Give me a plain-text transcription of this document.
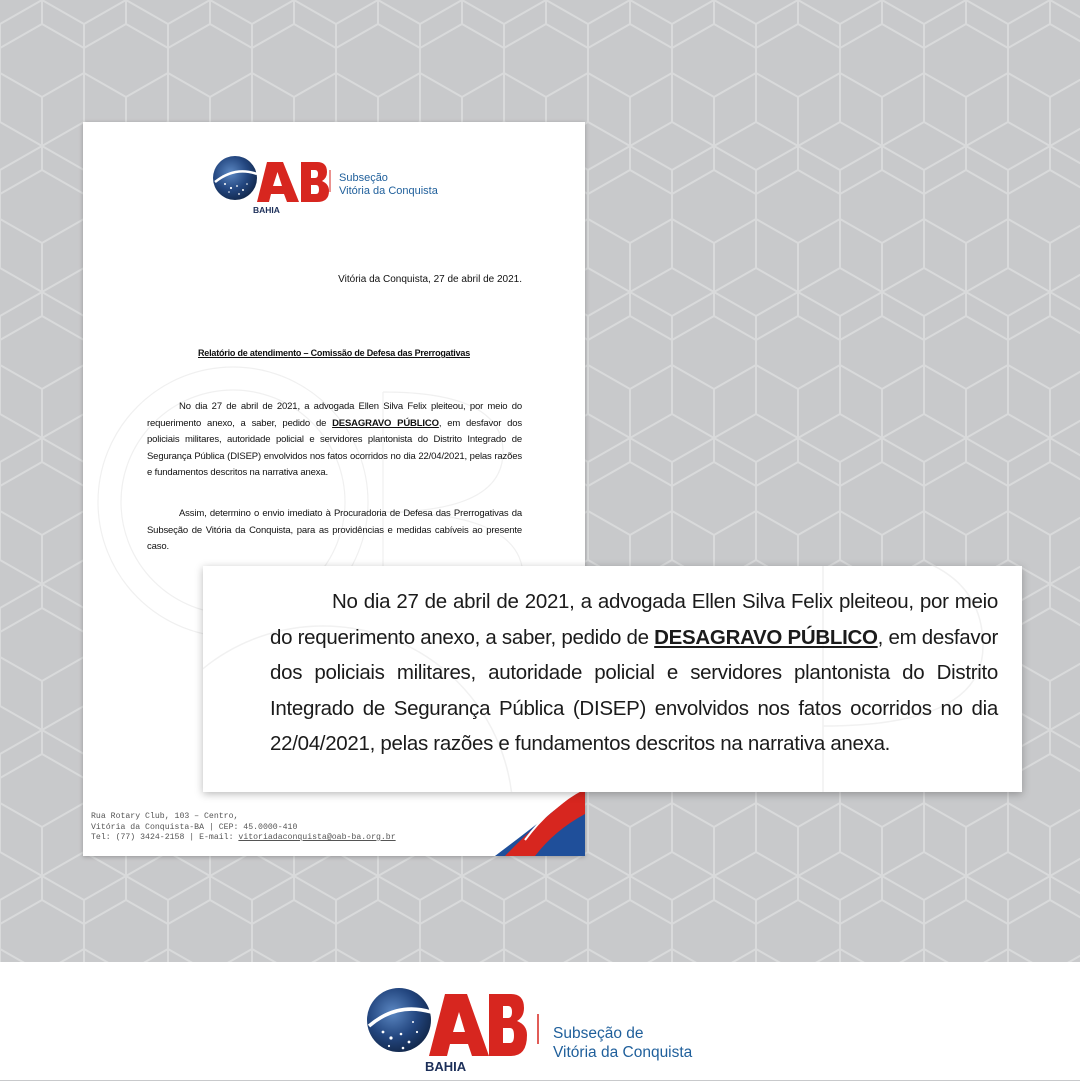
BAHIA
Subseção
Vitória da Conquista
Vitória da Conquista, 27 de abril de 2021.
Relatório de atendimento – Comissão de Defesa das Prerrogativas
No dia 27 de abril de 2021, a advogada Ellen Silva Felix pleiteou, por meio do requerimento anexo, a saber, pedido de DESAGRAVO PÚBLICO, em desfavor dos policiais militares, autoridade policial e servidores plantonista do Distrito Integrado de Segurança Pública (DISEP) envolvidos nos fatos ocorridos no dia 22/04/2021, pelas razões e fundamentos descritos na narrativa anexa.
Assim, determino o envio imediato à Procuradoria de Defesa das Prerrogativas da Subseção de Vitória da Conquista, para as providências e medidas cabíveis ao presente caso.
Rua Rotary Club, 103 – Centro,
Vitória da Conquista-BA | CEP: 45.0000-410
Tel: (77) 3424-2158 | E-mail: vitoriadaconquista@oab-ba.org.br
No dia 27 de abril de 2021, a advogada Ellen Silva Felix pleiteou, por meio do requerimento anexo, a saber, pedido de DESAGRAVO PÚBLICO, em desfavor dos policiais militares, autoridade policial e servidores plantonista do Distrito Integrado de Segurança Pública (DISEP) envolvidos nos fatos ocorridos no dia 22/04/2021, pelas razões e fundamentos descritos na narrativa anexa.
BAHIA
Subseção de
Vitória da Conquista
